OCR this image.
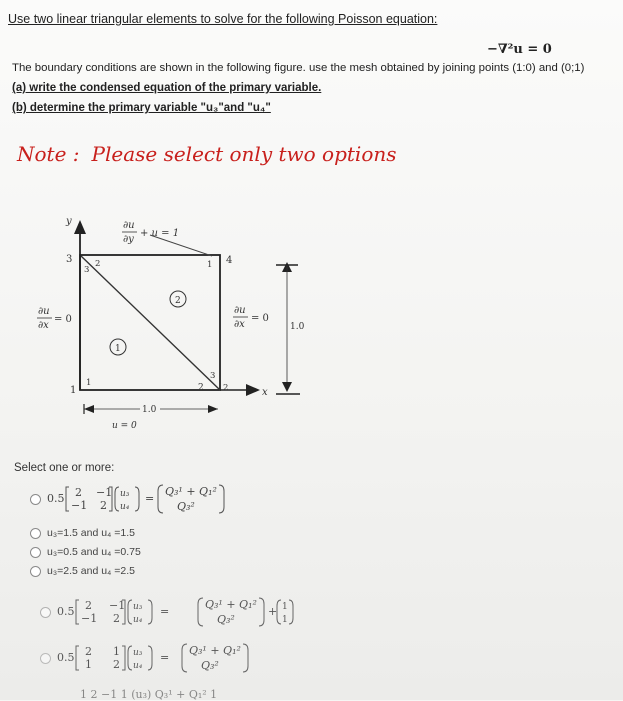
Use two linear triangular elements to solve for the following Poisson equation:
−∇²u = 0
The boundary conditions are shown in the following figure. use the mesh obtained by joining points (1:0) and (0;1)
(a) write the condensed equation of the primary variable.
(b) determine the primary variable "u₃"and "u₄"
Note : Please select only two options
y
x
∂u
∂y
+ u = 1
∂u
∂x
= 0
∂u
∂x
= 0
1.0
1.0
u = 0
3	4
1	2
3
2
1
1
3
2
1
2
Select one or more:
0.5 2 −1
−1 2
u₃
u₄
=
Q₃¹ + Q₁²
Q₃²
u₃=1.5 and u₄ =1.5
u₃=0.5 and u₄ =0.75
u₃=2.5 and u₄ =2.5
0.5 2 −1
−1 2
u₃
u₄
=
Q₃¹ + Q₁²
Q₃²
+ 1
1
0.5 2 1
1 2
u₃
u₄
=
Q₃¹ + Q₁²
Q₃²
1 2 −1 1 (u₃) Q₃¹ + Q₁² 1
